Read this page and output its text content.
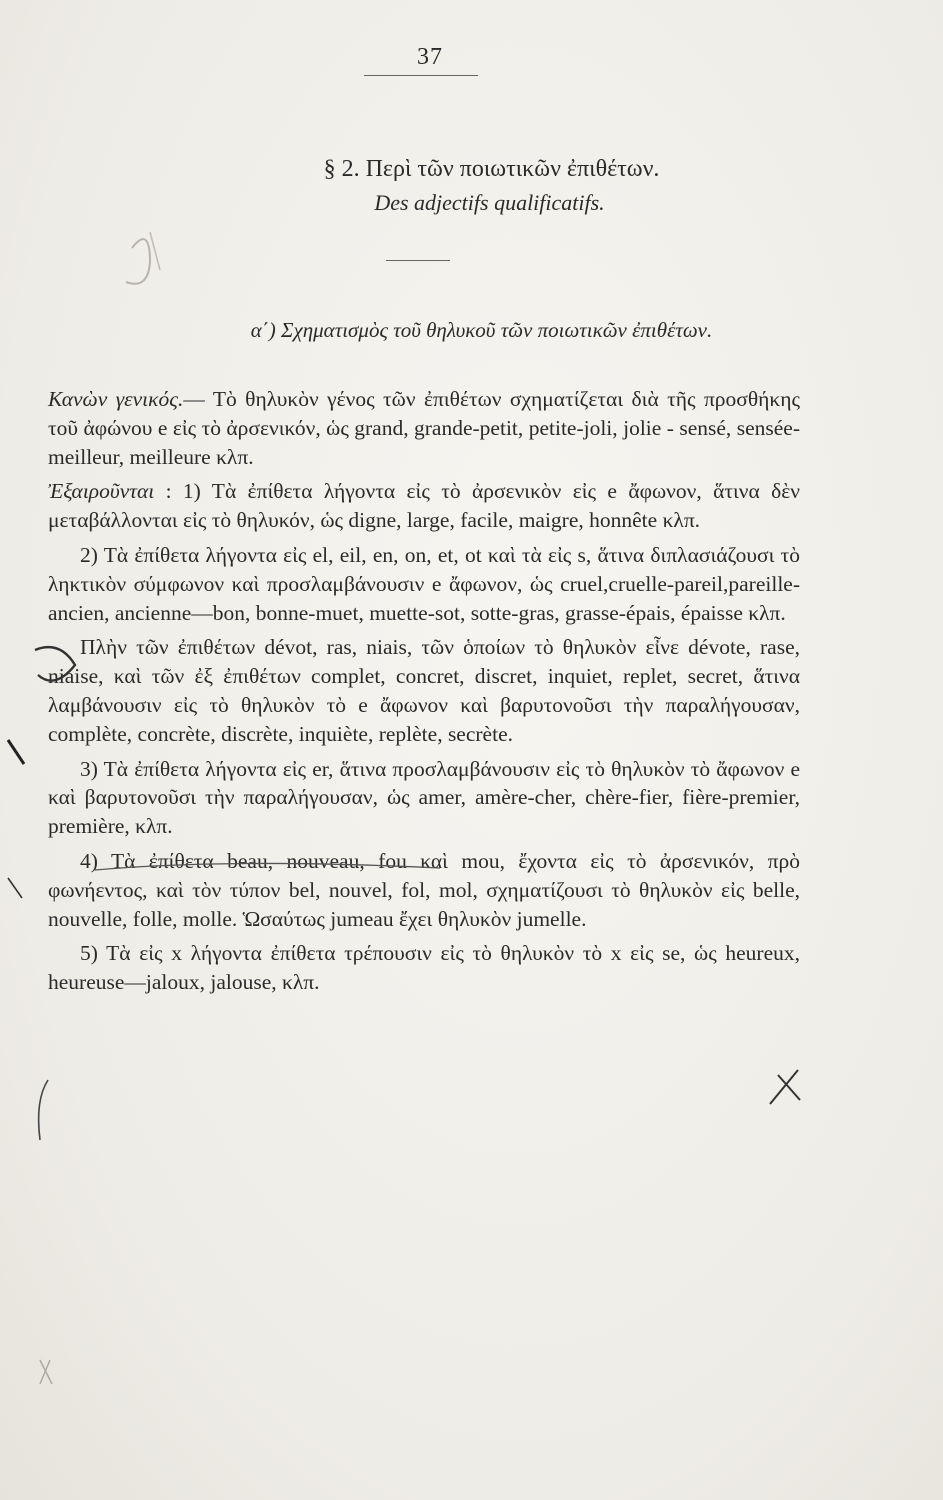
37
§ 2. Περὶ τῶν ποιωτικῶν ἐπιθέτων.
Des adjectifs qualificatifs.
α΄) Σχηματισμὸς τοῦ θηλυκοῦ τῶν ποιωτικῶν ἐπιθέτων.

Κανὼν γενικός.— Τὸ θηλυκὸν γένος τῶν ἐπιθέτων σχηματίζεται διὰ τῆς προσθήκης τοῦ ἀφώνου e εἰς τὸ ἀρσενικόν, ὡς grand, grande-petit, petite-joli, jolie - sensé, sensée-meilleur, meilleure κλπ.

Ἐξαιροῦνται : 1) Τὰ ἐπίθετα λήγοντα εἰς τὸ ἀρσενικὸν εἰς e ἄφωνον, ἅτινα δὲν μεταβάλλονται εἰς τὸ θηλυκόν, ὡς digne, large, facile, maigre, honnête κλπ.

2) Τὰ ἐπίθετα λήγοντα εἰς el, eil, en, on, et, ot καὶ τὰ εἰς s, ἅτινα διπλασιάζουσι τὸ ληκτικὸν σύμφωνον καὶ προσλαμβάνουσιν e ἄφωνον, ὡς cruel,cruelle-pareil,pareille-ancien, ancienne—bon, bonne-muet, muette-sot, sotte-gras, grasse-épais, épaisse κλπ.

Πλὴν τῶν ἐπιθέτων dévot, ras, niais, τῶν ὁποίων τὸ θηλυκὸν εἶνε dévote, rase, niaise, καὶ τῶν ἐξ ἐπιθέτων complet, concret, discret, inquiet, replet, secret, ἅτινα λαμβάνουσιν εἰς τὸ θηλυκὸν τὸ e ἄφωνον καὶ βαρυτονοῦσι τὴν παραλήγουσαν, complète, concrète, discrète, inquiète, replète, secrète.

3) Τὰ ἐπίθετα λήγοντα εἰς er, ἅτινα προσλαμβάνουσιν εἰς τὸ θηλυκὸν τὸ ἄφωνον e καὶ βαρυτονοῦσι τὴν παραλήγουσαν, ὡς amer, amère-cher, chère-fier, fière-premier, première, κλπ.

4) Τὰ ἐπίθετα beau, nouveau, fou καὶ mou, ἔχοντα εἰς τὸ ἀρσενικόν, πρὸ φωνήεντος, καὶ τὸν τύπον bel, nouvel, fol, mol, σχηματίζουσι τὸ θηλυκὸν εἰς belle, nouvelle, folle, molle. Ὡσαύτως jumeau ἔχει θηλυκὸν jumelle.

5) Τὰ εἰς x λήγοντα ἐπίθετα τρέπουσιν εἰς τὸ θηλυκὸν τὸ x εἰς se, ὡς heureux, heureuse—jaloux, jalouse, κλπ.
